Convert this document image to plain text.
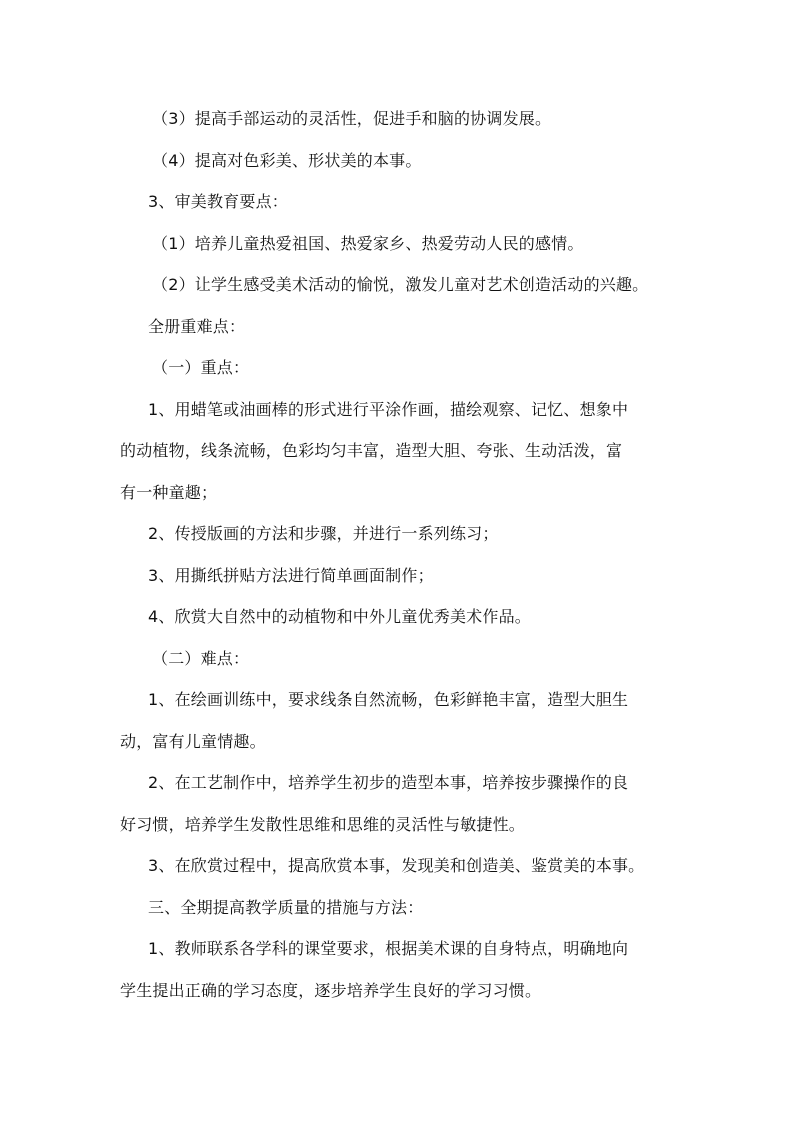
（3）提高手部运动的灵活性，促进手和脑的协调发展。

（4）提高对色彩美、形状美的本事。

3、审美教育要点：

（1）培养儿童热爱祖国、热爱家乡、热爱劳动人民的感情。

（2）让学生感受美术活动的愉悦，激发儿童对艺术创造活动的兴趣。

全册重难点：

（一）重点：

1、用蜡笔或油画棒的形式进行平涂作画，描绘观察、记忆、想象中

的动植物，线条流畅，色彩均匀丰富，造型大胆、夸张、生动活泼，富

有一种童趣；

2、传授版画的方法和步骤，并进行一系列练习；

3、用撕纸拼贴方法进行简单画面制作；

4、欣赏大自然中的动植物和中外儿童优秀美术作品。

（二）难点：

1、在绘画训练中，要求线条自然流畅，色彩鲜艳丰富，造型大胆生

动，富有儿童情趣。

2、在工艺制作中，培养学生初步的造型本事，培养按步骤操作的良

好习惯，培养学生发散性思维和思维的灵活性与敏捷性。

3、在欣赏过程中，提高欣赏本事，发现美和创造美、鉴赏美的本事。

三、全期提高教学质量的措施与方法：

1、教师联系各学科的课堂要求，根据美术课的自身特点，明确地向

学生提出正确的学习态度，逐步培养学生良好的学习习惯。
